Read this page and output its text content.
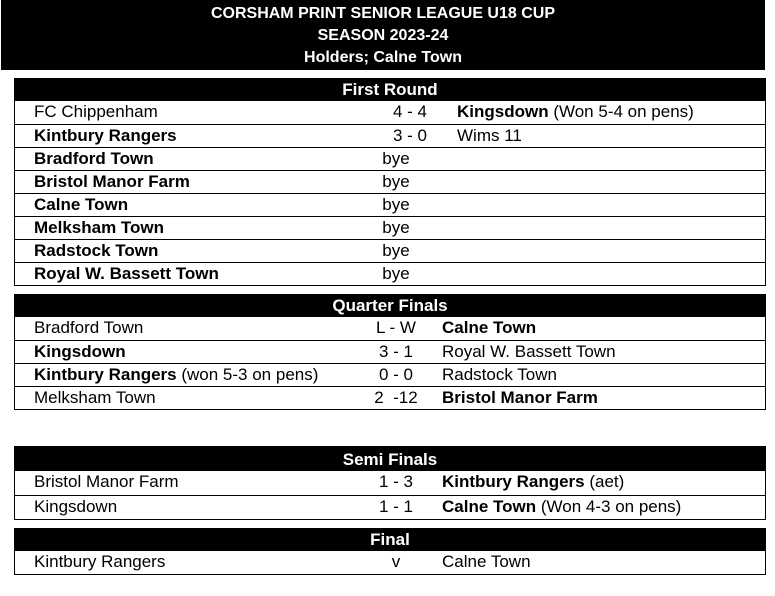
CORSHAM PRINT SENIOR LEAGUE U18 CUP
SEASON 2023-24
Holders; Calne Town
First Round
FC Chippenham	4 - 4	Kingsdown (Won 5-4 on pens)
Kintbury Rangers	3 - 0	Wims 11
Bradford Town	bye
Bristol Manor Farm	bye
Calne Town	bye
Melksham Town	bye
Radstock Town	bye
Royal W. Bassett Town	bye
Quarter Finals
Bradford Town	L - W	Calne Town
Kingsdown	3 - 1	Royal W. Bassett Town
Kintbury Rangers (won 5-3 on pens)	0 - 0	Radstock Town
Melksham Town	2  -12	Bristol Manor Farm
Semi Finals
Bristol Manor Farm	1 - 3	Kintbury Rangers (aet)
Kingsdown	1 - 1	Calne Town (Won 4-3 on pens)
Final
Kintbury Rangers	v	Calne Town
